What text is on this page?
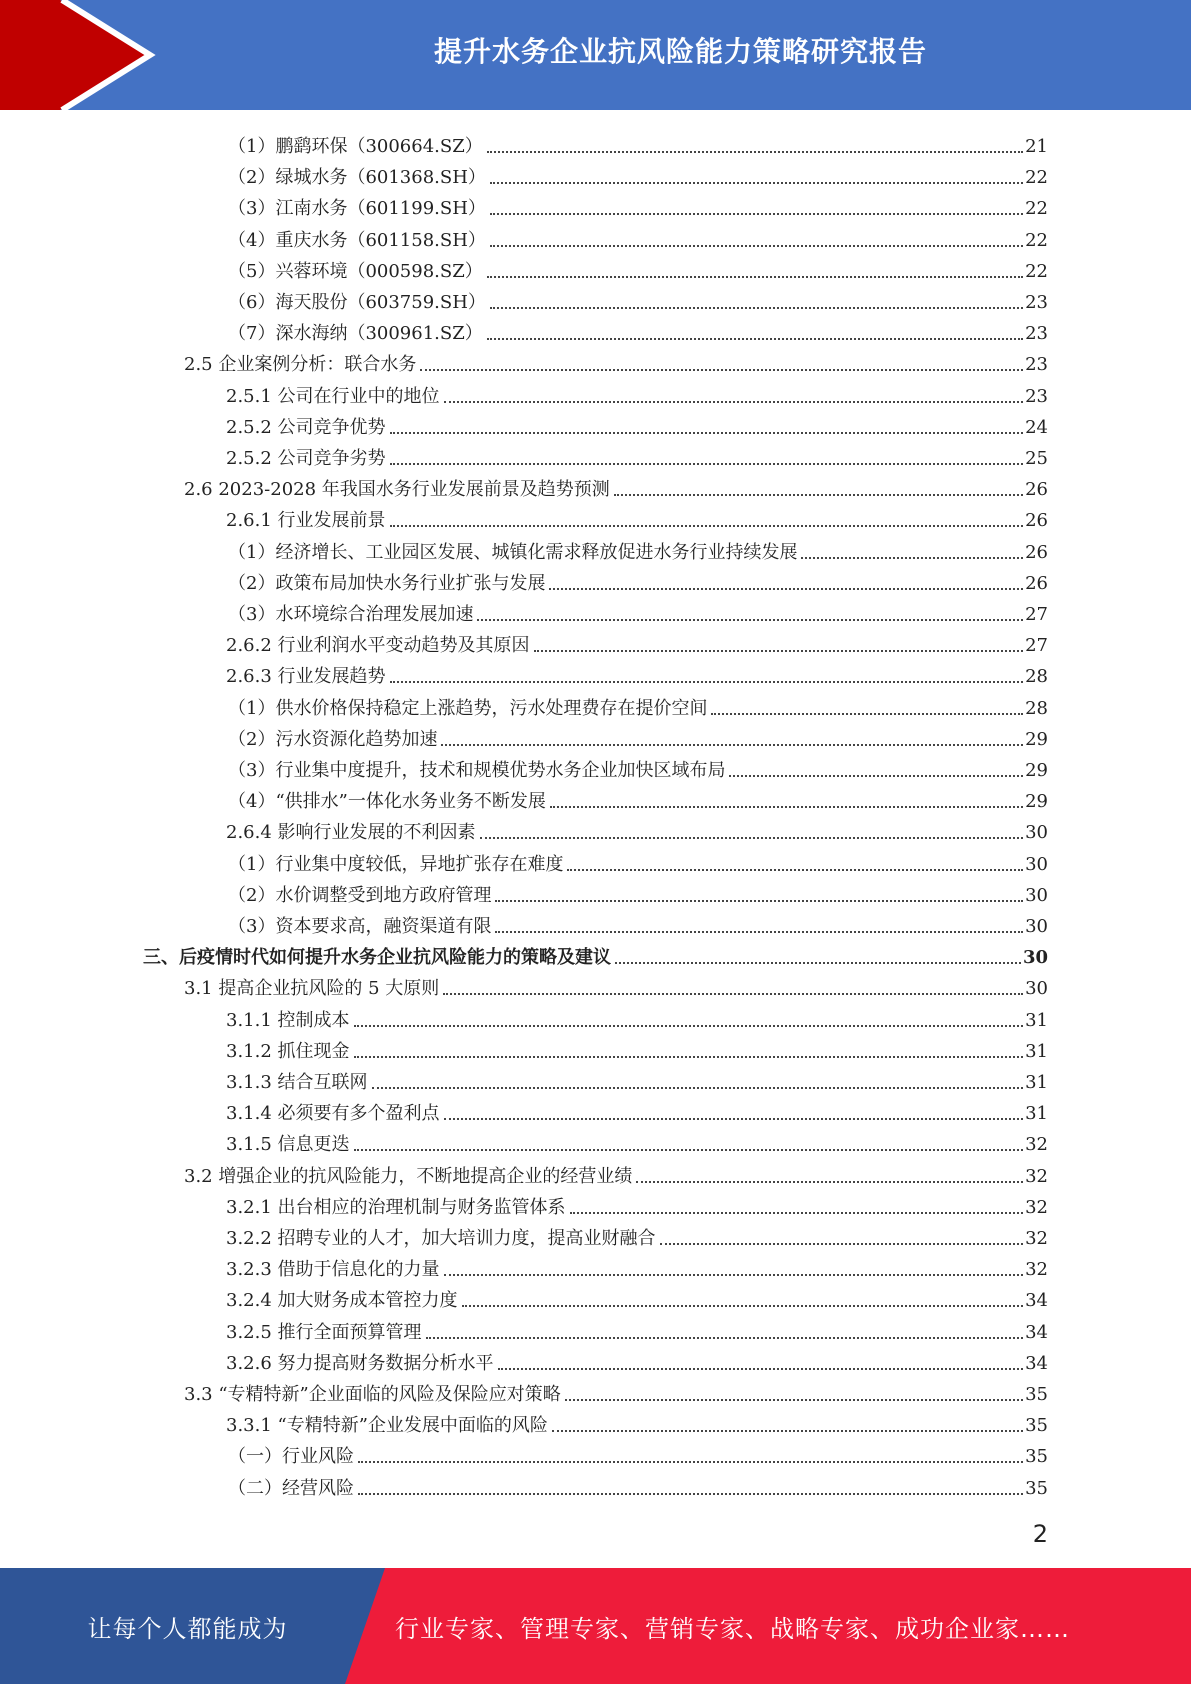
提升水务企业抗风险能力策略研究报告
（1）鹏鹞环保（300664.SZ）	21
（2）绿城水务（601368.SH）	22
（3）江南水务（601199.SH）	22
（4）重庆水务（601158.SH）	22
（5）兴蓉环境（000598.SZ）	22
（6）海天股份（603759.SH）	23
（7）深水海纳（300961.SZ）	23
2.5 企业案例分析：联合水务	23
2.5.1 公司在行业中的地位	23
2.5.2 公司竞争优势	24
2.5.2 公司竞争劣势	25
2.6 2023-2028 年我国水务行业发展前景及趋势预测	26
2.6.1 行业发展前景	26
（1）经济增长、工业园区发展、城镇化需求释放促进水务行业持续发展	26
（2）政策布局加快水务行业扩张与发展	26
（3）水环境综合治理发展加速	27
2.6.2 行业利润水平变动趋势及其原因	27
2.6.3 行业发展趋势	28
（1）供水价格保持稳定上涨趋势，污水处理费存在提价空间	28
（2）污水资源化趋势加速	29
（3）行业集中度提升，技术和规模优势水务企业加快区域布局	29
（4）“供排水”一体化水务业务不断发展	29
2.6.4 影响行业发展的不利因素	30
（1）行业集中度较低，异地扩张存在难度	30
（2）水价调整受到地方政府管理	30
（3）资本要求高，融资渠道有限	30
三、后疫情时代如何提升水务企业抗风险能力的策略及建议	30
3.1 提高企业抗风险的 5 大原则	30
3.1.1 控制成本	31
3.1.2 抓住现金	31
3.1.3 结合互联网	31
3.1.4 必须要有多个盈利点	31
3.1.5 信息更迭	32
3.2 增强企业的抗风险能力，不断地提高企业的经营业绩	32
3.2.1 出台相应的治理机制与财务监管体系	32
3.2.2 招聘专业的人才，加大培训力度，提高业财融合	32
3.2.3 借助于信息化的力量	32
3.2.4 加大财务成本管控力度	34
3.2.5 推行全面预算管理	34
3.2.6 努力提高财务数据分析水平	34
3.3 “专精特新”企业面临的风险及保险应对策略	35
3.3.1 “专精特新”企业发展中面临的风险	35
（一）行业风险	35
（二）经营风险	35
2
让每个人都能成为	行业专家、管理专家、营销专家、战略专家、成功企业家……
